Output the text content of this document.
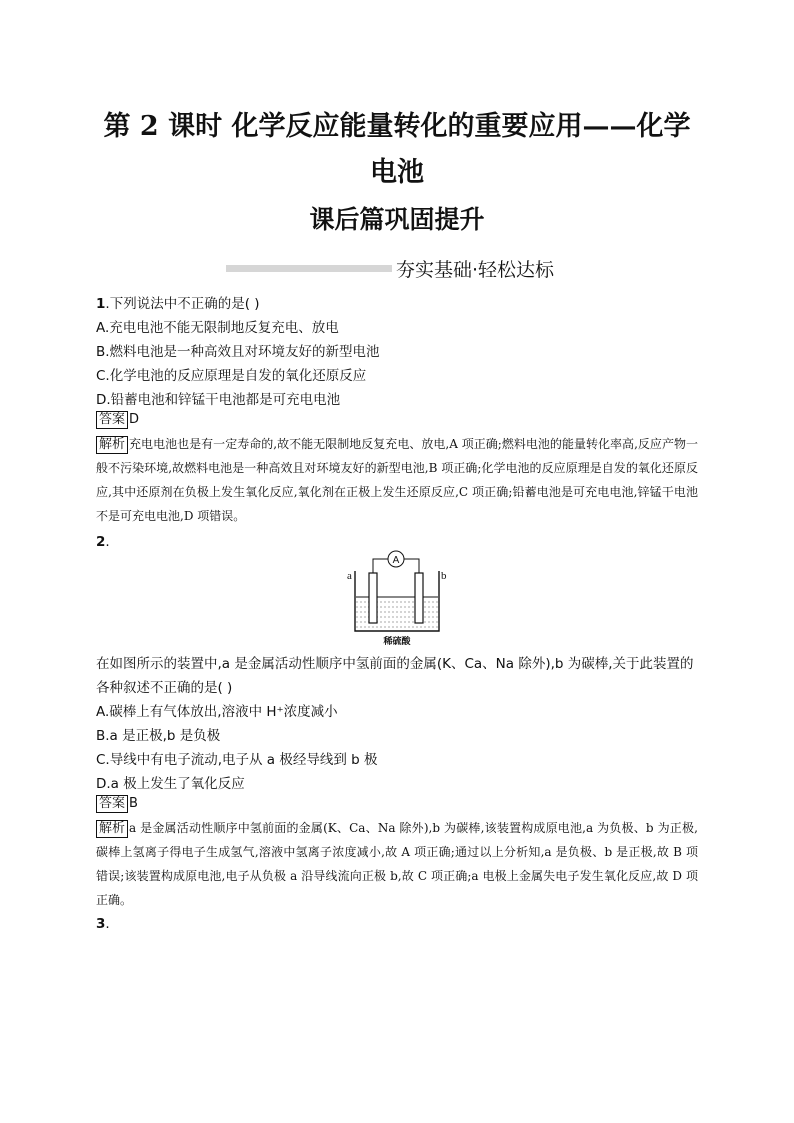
第 2 课时 化学反应能量转化的重要应用——化学
电池
课后篇巩固提升
夯实基础·轻松达标
1.下列说法中不正确的是( )
A.充电电池不能无限制地反复充电、放电
B.燃料电池是一种高效且对环境友好的新型电池
C.化学电池的反应原理是自发的氧化还原反应
D.铅蓄电池和锌锰干电池都是可充电电池
答案 D
解析 充电电池也是有一定寿命的,故不能无限制地反复充电、放电,A 项正确;燃料电池的能量转化率高,反应产物一般不污染环境,故燃料电池是一种高效且对环境友好的新型电池,B 项正确;化学电池的反应原理是自发的氧化还原反应,其中还原剂在负极上发生氧化反应,氧化剂在正极上发生还原反应,C 项正确;铅蓄电池是可充电电池,锌锰干电池不是可充电电池,D 项错误。
2.
A
a	b
稀硫酸
在如图所示的装置中,a 是金属活动性顺序中氢前面的金属(K、Ca、Na 除外),b 为碳棒,关于此装置的
各种叙述不正确的是( )
A.碳棒上有气体放出,溶液中 H⁺浓度减小
B.a 是正极,b 是负极
C.导线中有电子流动,电子从 a 极经导线到 b 极
D.a 极上发生了氧化反应
答案 B
解析 a 是金属活动性顺序中氢前面的金属(K、Ca、Na 除外),b 为碳棒,该装置构成原电池,a 为负极、b 为正极,碳棒上氢离子得电子生成氢气,溶液中氢离子浓度减小,故 A 项正确;通过以上分析知,a 是负极、b 是正极,故 B 项错误;该装置构成原电池,电子从负极 a 沿导线流向正极 b,故 C 项正确;a 电极上金属失电子发生氧化反应,故 D 项正确。
3.
